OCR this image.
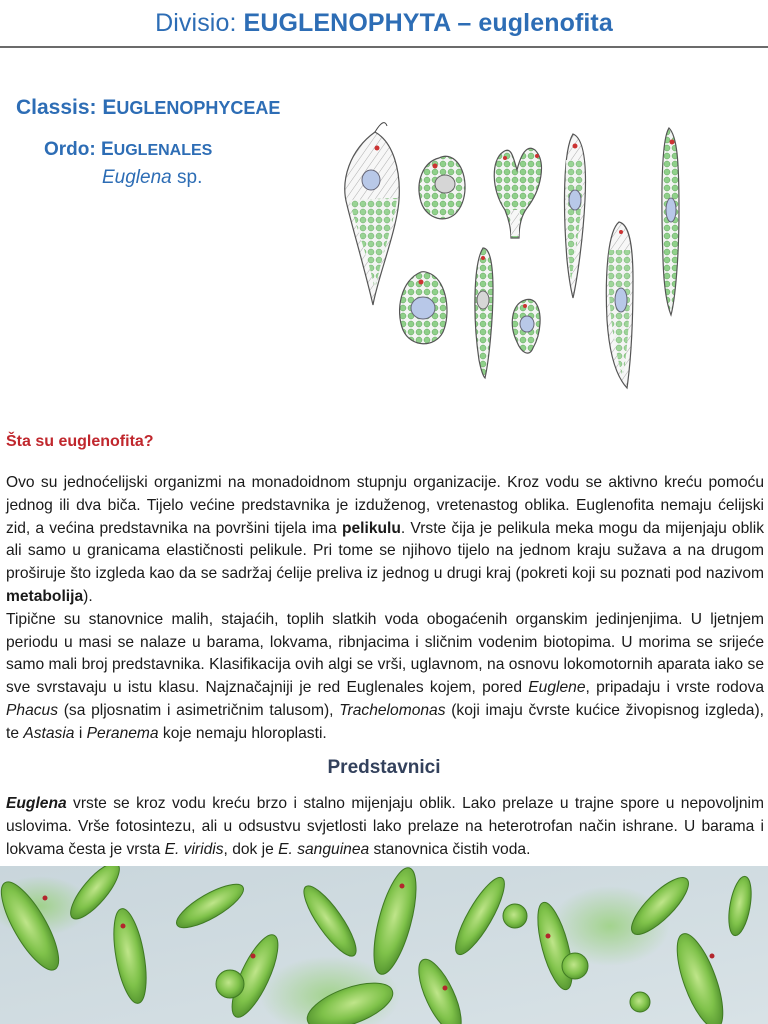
Divisio: EUGLENOPHYTA – euglenofita
Classis: EUGLENOPHYCEAE
Ordo: EUGLENALES
Euglena sp.
Šta su euglenofita?

Ovo su jednoćelijski organizmi na monadoidnom stupnju organizacije. Kroz vodu se aktivno kreću pomoću jednog ili dva biča. Tijelo većine predstavnika je izduženog, vretenastog oblika. Euglenofita nemaju ćelijski zid, a većina predstavnika na površini tijela ima pelikulu. Vrste čija je pelikula meka mogu da mijenjaju oblik ali samo u granicama elastičnosti pelikule. Pri tome se njihovo tijelo na jednom kraju sužava a na drugom proširuje što izgleda kao da se sadržaj ćelije preliva iz jednog u drugi kraj (pokreti koji su poznati pod nazivom metabolija).

Tipične su stanovnice malih, stajaćih, toplih slatkih voda obogaćenih organskim jedinjenjima. U ljetnjem periodu u masi se nalaze u barama, lokvama, ribnjacima i sličnim vodenim biotopima. U morima se srijeće samo mali broj predstavnika. Klasifikacija ovih algi se vrši, uglavnom, na osnovu lokomotornih aparata iako se sve svrstavaju u istu klasu. Najznačajniji je red Euglenales kojem, pored Euglene, pripadaju i vrste rodova Phacus (sa pljosnatim i asimetričnim talusom), Trachelomonas (koji imaju čvrste kućice živopisnog izgleda), te Astasia i Peranema koje nemaju hloroplasti.

Predstavnici
Euglena vrste se kroz vodu kreću brzo i stalno mijenjaju oblik. Lako prelaze u trajne spore u nepovoljnim uslovima. Vrše fotosintezu, ali u odsustvu svjetlosti lako prelaze na heterotrofan način ishrane. U barama i lokvama česta je vrsta E. viridis, dok je E. sanguinea stanovnica čistih voda.
